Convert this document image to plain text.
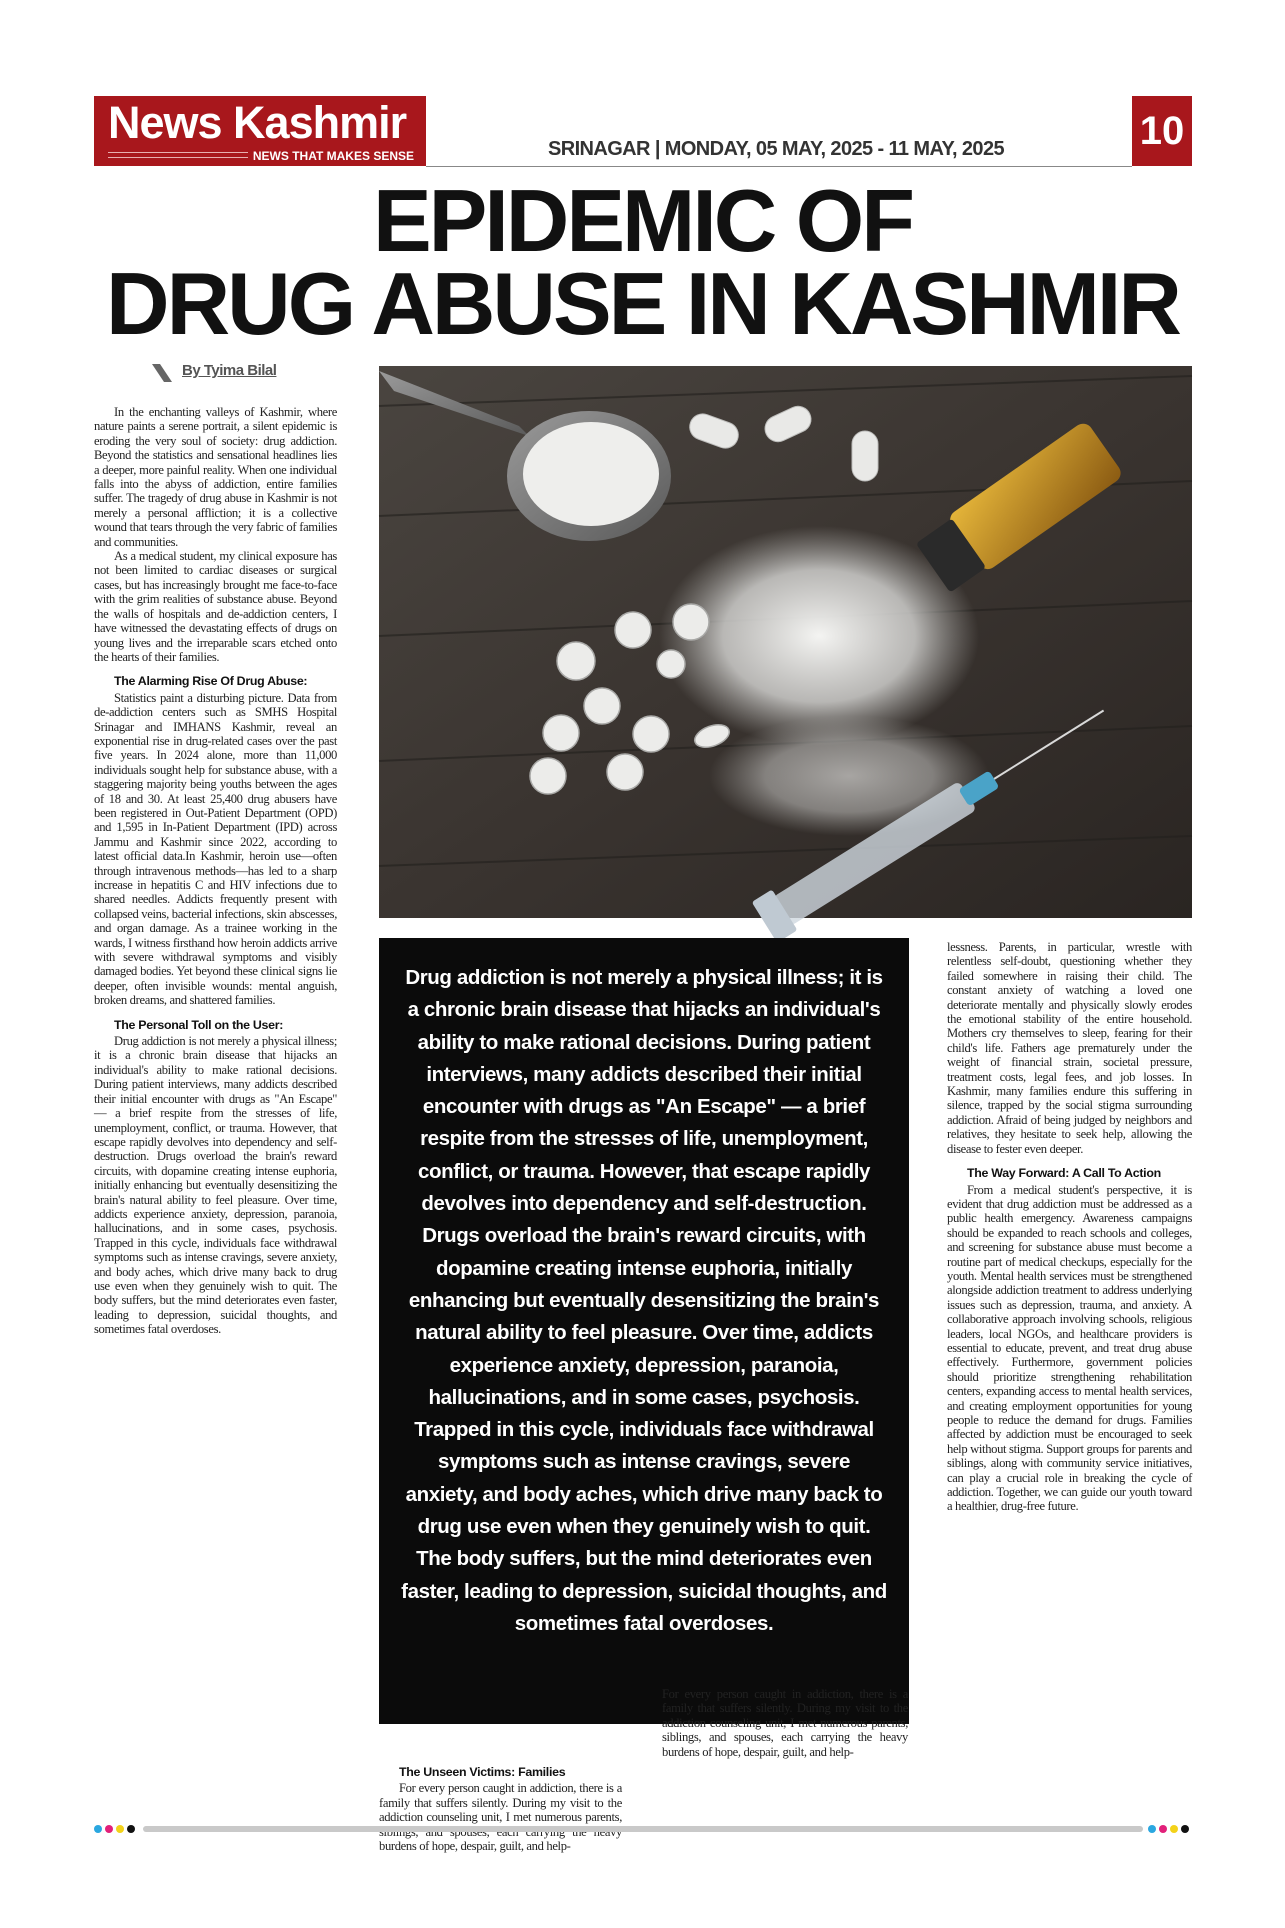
News Kashmir
NEWS THAT MAKES SENSE	SRINAGAR | MONDAY, 05 MAY, 2025 - 11 MAY, 2025	10
EPIDEMIC OF
DRUG ABUSE IN KASHMIR
By Tyima Bilal

In the enchanting valleys of Kashmir, where nature paints a serene portrait, a silent epidemic is eroding the very soul of society: drug addiction. Beyond the statistics and sensational headlines lies a deeper, more painful reality. When one individual falls into the abyss of addiction, entire families suffer. The tragedy of drug abuse in Kashmir is not merely a personal affliction; it is a collective wound that tears through the very fabric of families and communities.

As a medical student, my clinical exposure has not been limited to cardiac diseases or surgical cases, but has increasingly brought me face-to-face with the grim realities of substance abuse. Beyond the walls of hospitals and de-addiction centers, I have witnessed the devastating effects of drugs on young lives and the irreparable scars etched onto the hearts of their families.

The Alarming Rise Of Drug Abuse:

Statistics paint a disturbing picture. Data from de-addiction centers such as SMHS Hospital Srinagar and IMHANS Kashmir, reveal an exponential rise in drug-related cases over the past five years. In 2024 alone, more than 11,000 individuals sought help for substance abuse, with a staggering majority being youths between the ages of 18 and 30. At least 25,400 drug abusers have been registered in Out-Patient Department (OPD) and 1,595 in In-Patient Department (IPD) across Jammu and Kashmir since 2022, according to latest official data.In Kashmir, heroin use—often through intravenous methods—has led to a sharp increase in hepatitis C and HIV infections due to shared needles. Addicts frequently present with collapsed veins, bacterial infections, skin abscesses, and organ damage. As a trainee working in the wards, I witness firsthand how heroin addicts arrive with severe withdrawal symptoms and visibly damaged bodies. Yet beyond these clinical signs lie deeper, often invisible wounds: mental anguish, broken dreams, and shattered families.

The Personal Toll on the User:

Drug addiction is not merely a physical illness; it is a chronic brain disease that hijacks an individual's ability to make rational decisions. During patient interviews, many addicts described their initial encounter with drugs as "An Escape" — a brief respite from the stresses of life, unemployment, conflict, or trauma. However, that escape rapidly devolves into dependency and self-destruction. Drugs overload the brain's reward circuits, with dopamine creating intense euphoria, initially enhancing but eventually desensitizing the brain's natural ability to feel pleasure. Over time, addicts experience anxiety, depression, paranoia, hallucinations, and in some cases, psychosis. Trapped in this cycle, individuals face withdrawal symptoms such as intense cravings, severe anxiety, and body aches, which drive many back to drug use even when they genuinely wish to quit. The body suffers, but the mind deteriorates even faster, leading to depression, suicidal thoughts, and sometimes fatal overdoses.

Drug addiction is not merely a physical illness; it is a chronic brain disease that hijacks an individual's ability to make rational decisions. During patient interviews, many addicts described their initial encounter with drugs as "An Escape" — a brief respite from the stresses of life, unemployment, conflict, or trauma. However, that escape rapidly devolves into dependency and self-destruction. Drugs overload the brain's reward circuits, with dopamine creating intense euphoria, initially enhancing but eventually desensitizing the brain's natural ability to feel pleasure. Over time, addicts experience anxiety, depression, paranoia, hallucinations, and in some cases, psychosis. Trapped in this cycle, individuals face withdrawal symptoms such as intense cravings, severe anxiety, and body aches, which drive many back to drug use even when they genuinely wish to quit. The body suffers, but the mind deteriorates even faster, leading to depression, suicidal thoughts, and sometimes fatal overdoses.
The Unseen Victims: Families

For every person caught in addiction, there is a family that suffers silently. During my visit to the addiction counseling unit, I met numerous parents, burdens of hope, despair, guilt, and help-

For every person caught in addiction, there is a family that suffers silently. During my visit to the addiction counseling unit, I met numerous parents, siblings, and spouses, each carrying the heavy burdens of hope, despair, guilt, and help-

lessness. Parents, in particular, wrestle with relentless self-doubt, questioning whether they failed somewhere in raising their child. The constant anxiety of watching a loved one deteriorate mentally and physically slowly erodes the emotional stability of the entire household. Mothers cry themselves to sleep, fearing for their child's life. Fathers age prematurely under the weight of financial strain, societal pressure, treatment costs, legal fees, and job losses. In Kashmir, many families endure this suffering in silence, trapped by the social stigma surrounding addiction. Afraid of being judged by neighbors and relatives, they hesitate to seek help, allowing the disease to fester even deeper.

The Way Forward: A Call To Action

From a medical student's perspective, it is evident that drug addiction must be addressed as a public health emergency. Awareness campaigns should be expanded to reach schools and colleges, and screening for substance abuse must become a routine part of medical checkups, especially for the youth. Mental health services must be strengthened alongside addiction treatment to address underlying issues such as depression, trauma, and anxiety. A collaborative approach involving schools, religious leaders, local NGOs, and healthcare providers is essential to educate, prevent, and treat drug abuse effectively. Furthermore, government policies should prioritize strengthening rehabilitation centers, expanding access to mental health services, and creating employment opportunities for young people to reduce the demand for drugs. Families affected by addiction must be encouraged to seek help without stigma. Support groups for parents and siblings, along with community service initiatives, can play a crucial role in breaking the cycle of addiction. Together, we can guide our youth toward a healthier, drug-free future.
